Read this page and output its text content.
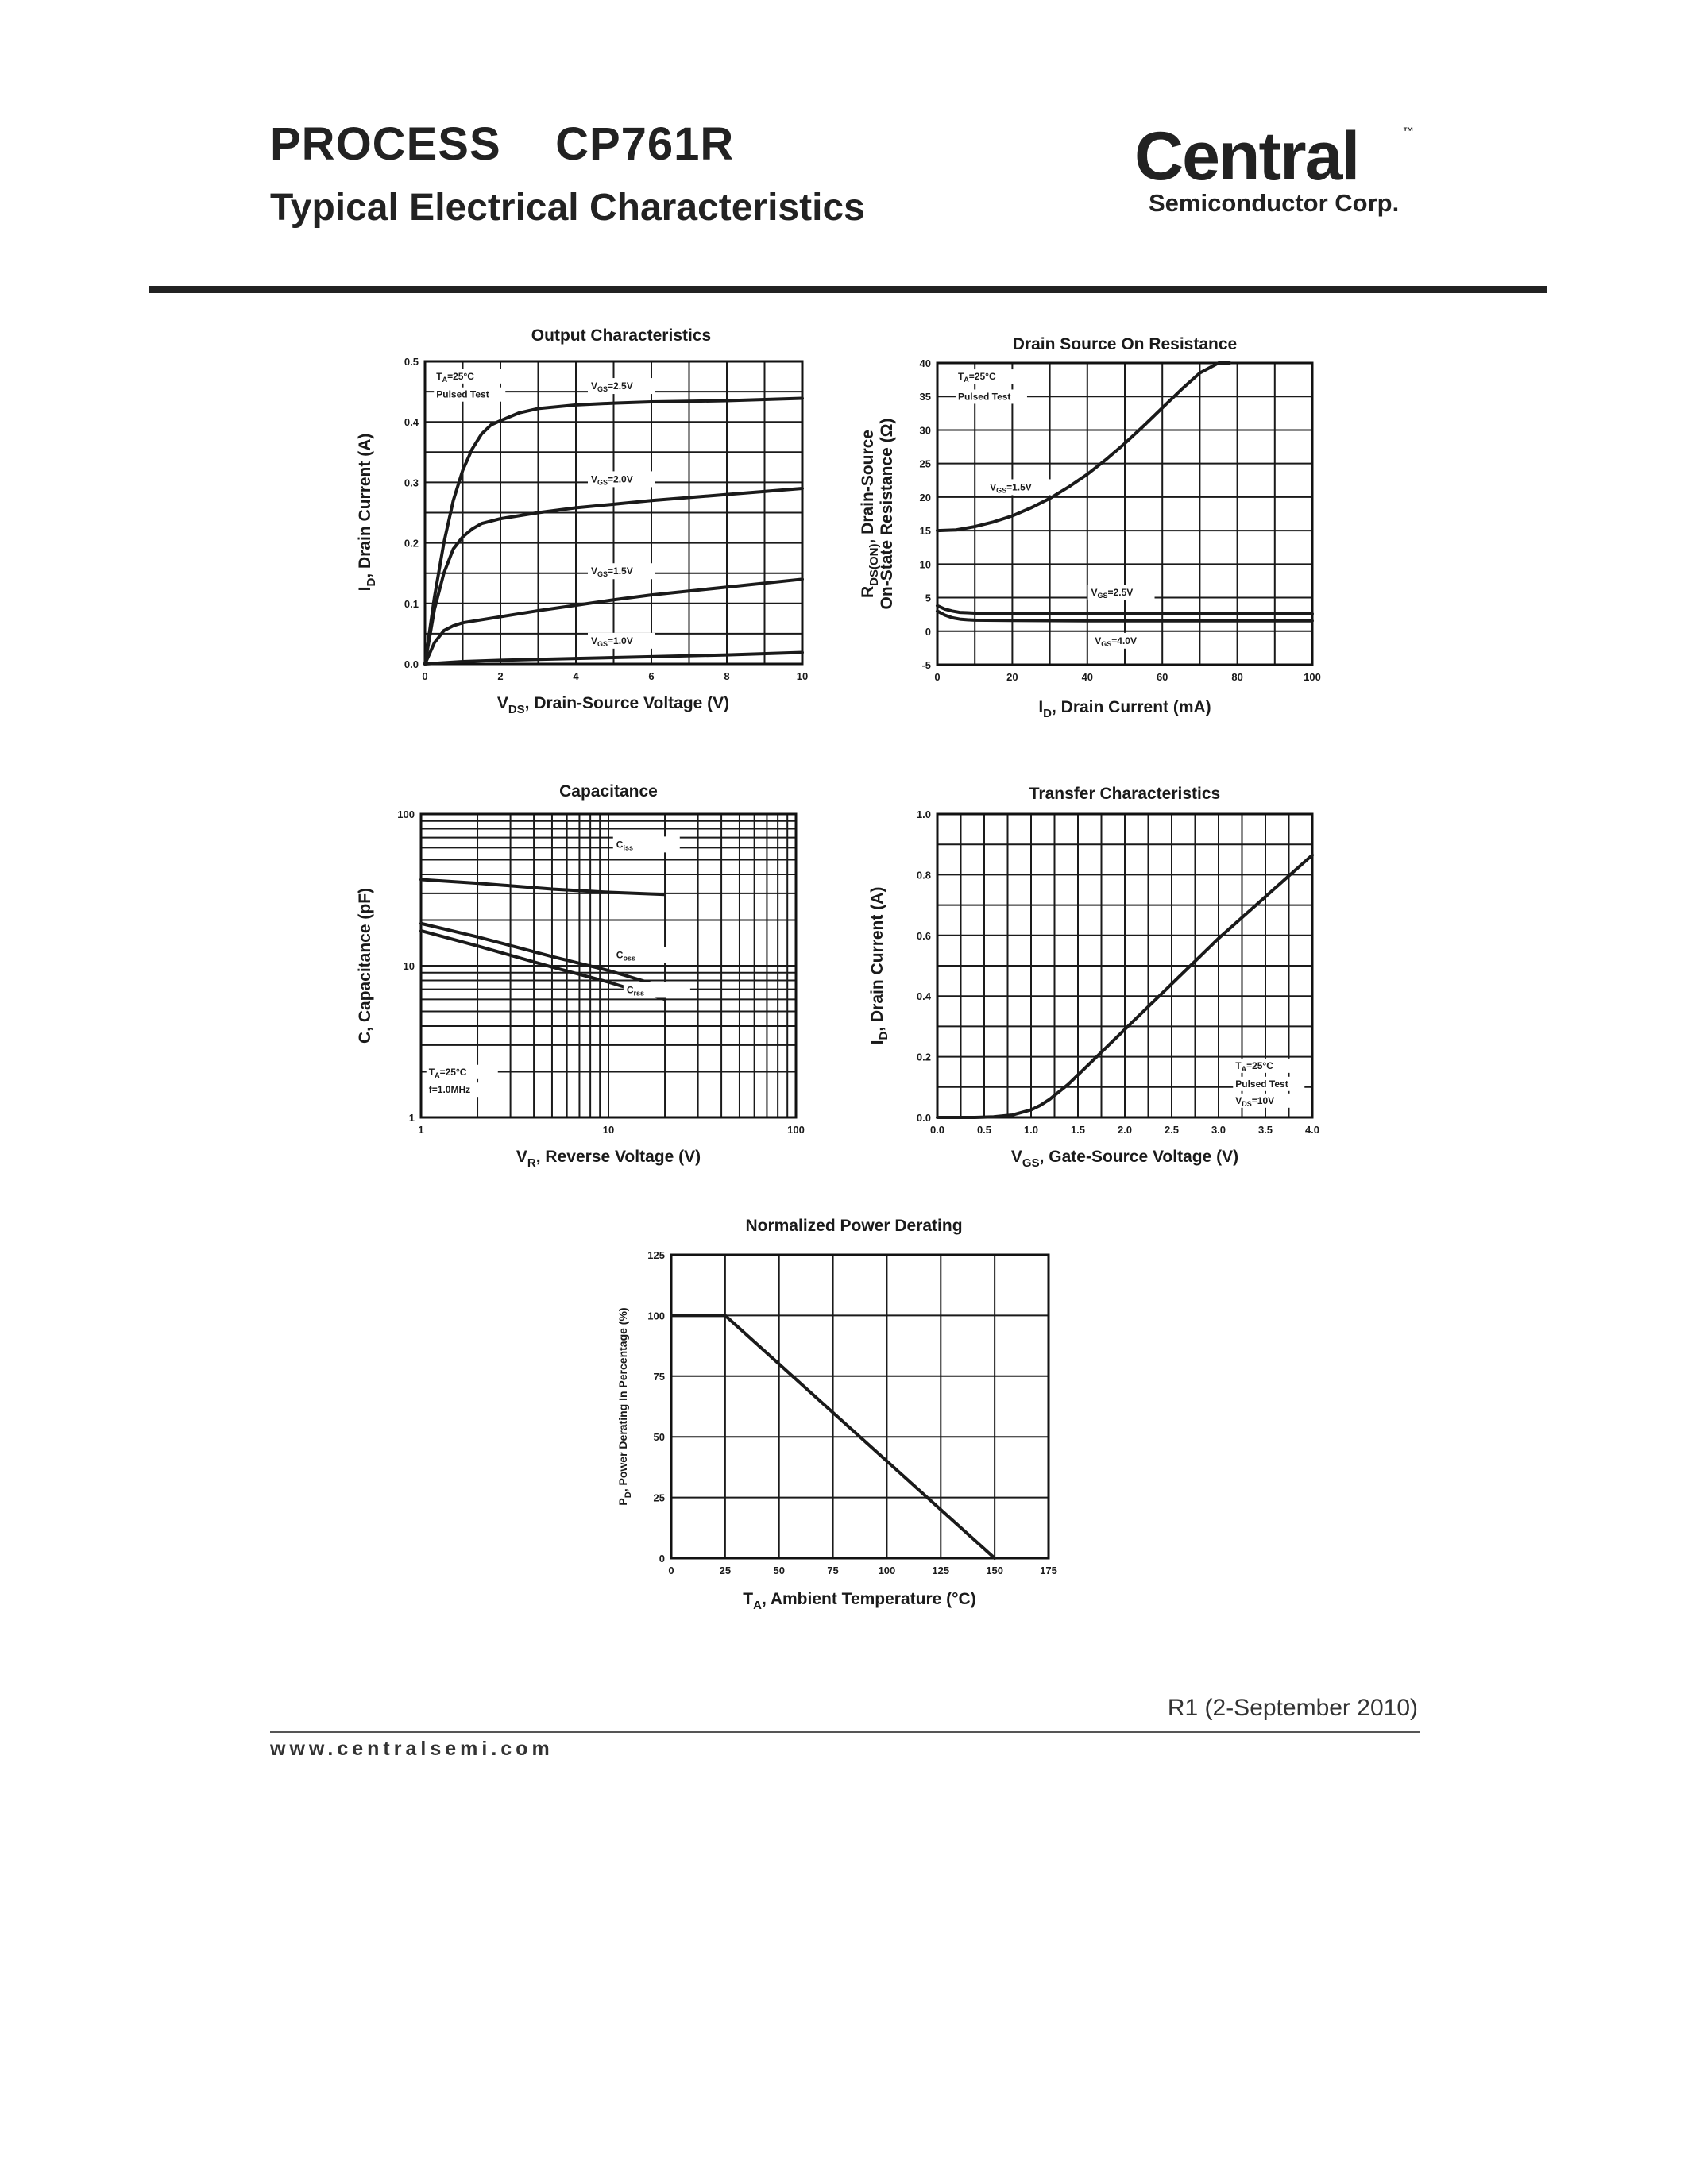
PROCESS    CP761R
Typical Electrical Characteristics
Central	™
Semiconductor Corp.
Output Characteristics
0	2	4	6	8	10
0.0
0.1
0.2
0.3
0.4
0.5
$V_{GS}=2.5V$
$V_{GS}=2.0V$
$V_{GS}=1.5V$
$V_{GS}=1.0V$
$T_A=25^\circ C$
Pulsed Test
$V_{DS}$, Drain-Source Voltage (V)
$I_D$, Drain Current (A)
Drain Source On Resistance
0	20	40	60	80	100
-5
0
5
10
15
20
25
30
35
40
$V_{GS}=1.5V$
$V_{GS}=2.5V$
$V_{GS}=4.0V$
$T_A=25^\circ C$
Pulsed Test
$I_D$, Drain Current (mA)
$R_{DS(ON)}$, Drain-Source On-State Resistance (Ω)
Capacitance
1	10	100
1
10
100
$C_{iss}$
$C_{oss}$
$C_{rss}$
$T_A=25^\circ C$
f=1.0MHz
$V_R$, Reverse Voltage (V)
C, Capacitance (pF)
Transfer Characteristics
0.0	0.5	1.0	1.5	2.0	2.5	3.0	3.5	4.0
0.0
0.2
0.4
0.6
0.8
1.0
$T_A=25^\circ C$
Pulsed Test
$V_{DS}=10V$
$V_{GS}$, Gate-Source Voltage (V)
$I_D$, Drain Current (A)
Normalized Power Derating
0	25	50	75	100	125	150	175
0
25
50
75
100
125
$T_A$, Ambient Temperature (°C)
$P_D$, Power Derating In Percentage (%)
R1 (2-September 2010)
www.centralsemi.com
